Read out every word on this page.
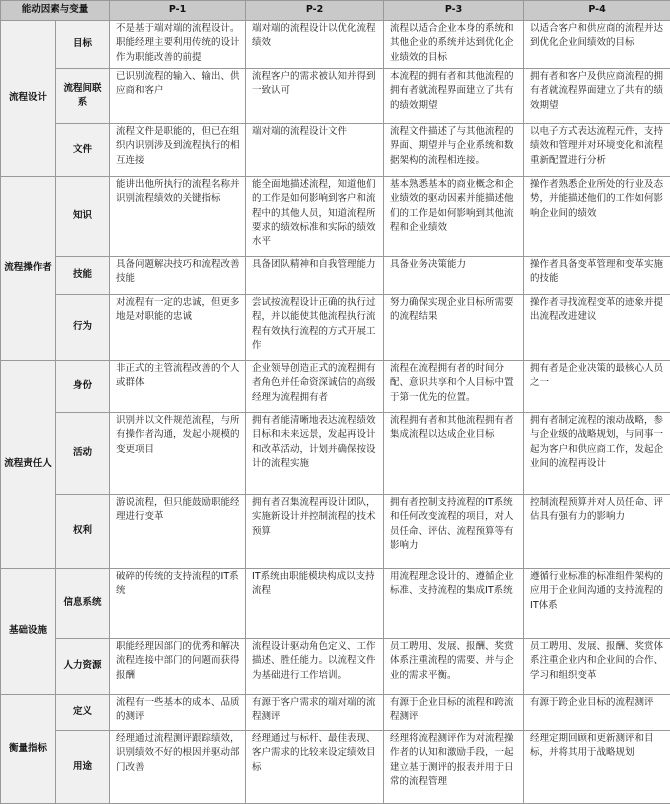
能动因素与变量		P-1	P-2	P-3	P-4
流程设计	目标	不是基于端对端的流程设计。职能经理主要利用传统的设计作为职能改善的前提	端对端的流程设计以优化流程绩效	流程以适合企业本身的系统和其他企业的系统并达到优化企业绩效的目标	以适合客户和供应商的流程并达到优化企业间绩效的目标
	流程间联系	已识别流程的输入、输出、供应商和客户	流程客户的需求被认知并得到一致认可	本流程的拥有者和其他流程的拥有者就流程界面建立了共有的绩效期望	拥有者和客户及供应商流程的拥有者就流程界面建立了共有的绩效期望
	文件	流程文件是职能的，但已在组织内识别涉及到流程执行的相互连接	端对端的流程设计文件	流程文件描述了与其他流程的界面、期望并与企业系统和数据架构的流程相连接。	以电子方式表达流程元件，支持绩效和管理并对环境变化和流程重新配置进行分析
流程操作者	知识	能讲出他所执行的流程名称并识别流程绩效的关键指标	能全面地描述流程，知道他们的工作是如何影响到客户和流程中的其他人员，知道流程所要求的绩效标准和实际的绩效水平	基本熟悉基本的商业概念和企业绩效的驱动因素并能描述他们的工作是如何影响到其他流程和企业绩效	操作者熟悉企业所处的行业及态势，并能描述他们的工作如何影响企业间的绩效
	技能	具备问题解决技巧和流程改善技能	具备团队精神和自我管理能力	具备业务决策能力	操作者具备变革管理和变革实施的技能
	行为	对流程有一定的忠诚，但更多地是对职能的忠诚	尝试按流程设计正确的执行过程，并以能使其他流程执行流程有效执行流程的方式开展工作	努力确保实现企业目标所需要的流程结果	操作者寻找流程变革的迹象并提出流程改进建议
流程责任人	身份	非正式的主管流程改善的个人或群体	企业领导创造正式的流程拥有者角色并任命资深诚信的高级经理为流程拥有者	流程在流程拥有者的时间分配、意识共享和个人目标中置于第一优先的位置。	拥有者是企业决策的最核心人员之一
	活动	识别并以文件规范流程，与所有操作者沟通，发起小规模的变更项目	拥有者能清晰地表达流程绩效目标和未来远景，发起再设计和改革活动，计划并确保按设计的流程实施	流程拥有者和其他流程拥有者集成流程以达成企业目标	拥有者制定流程的滚动战略，参与企业级的战略规划，与同事一起为客户和供应商工作，发起企业间的流程再设计
	权利	游说流程，但只能鼓励职能经理进行变革	拥有者召集流程再设计团队，实施新设计并控制流程的技术预算	拥有者控制支持流程的IT系统和任何改变流程的项目，对人员任命、评估、流程预算等有影响力	控制流程预算并对人员任命、评估具有强有力的影响力
基础设施	信息系统	破碎的传统的支持流程的IT系统	IT系统由职能模块构成以支持流程	用流程理念设计的、遵循企业标准、支持流程的集成IT系统	遵循行业标准的标准组件架构的应用于企业间沟通的支持流程的IT体系
	人力资源	职能经理因部门的优秀和解决流程连接中部门的问题而获得报酬	流程设计驱动角色定义、工作描述、胜任能力。以流程文件为基础进行工作培训。	员工聘用、发展、报酬、奖赏体系注重流程的需要、并与企业的需求平衡。	员工聘用、发展、报酬、奖赏体系注重企业内和企业间的合作、学习和组织变革
衡量指标	定义	流程有一些基本的成本、品质的测评	有源于客户需求的端对端的流程测评	有源于企业目标的流程和跨流程测评	有源于跨企业目标的流程测评
	用途	经理通过流程测评跟踪绩效，识别绩效不好的根因并驱动部门改善	经理通过与标杆、最佳表现、客户需求的比较来设定绩效目标	经理将流程测评作为对流程操作者的认知和激励手段，一起建立基于测评的报表并用于日常的流程管理	经理定期回顾和更新测评和目标，并将其用于战略规划
